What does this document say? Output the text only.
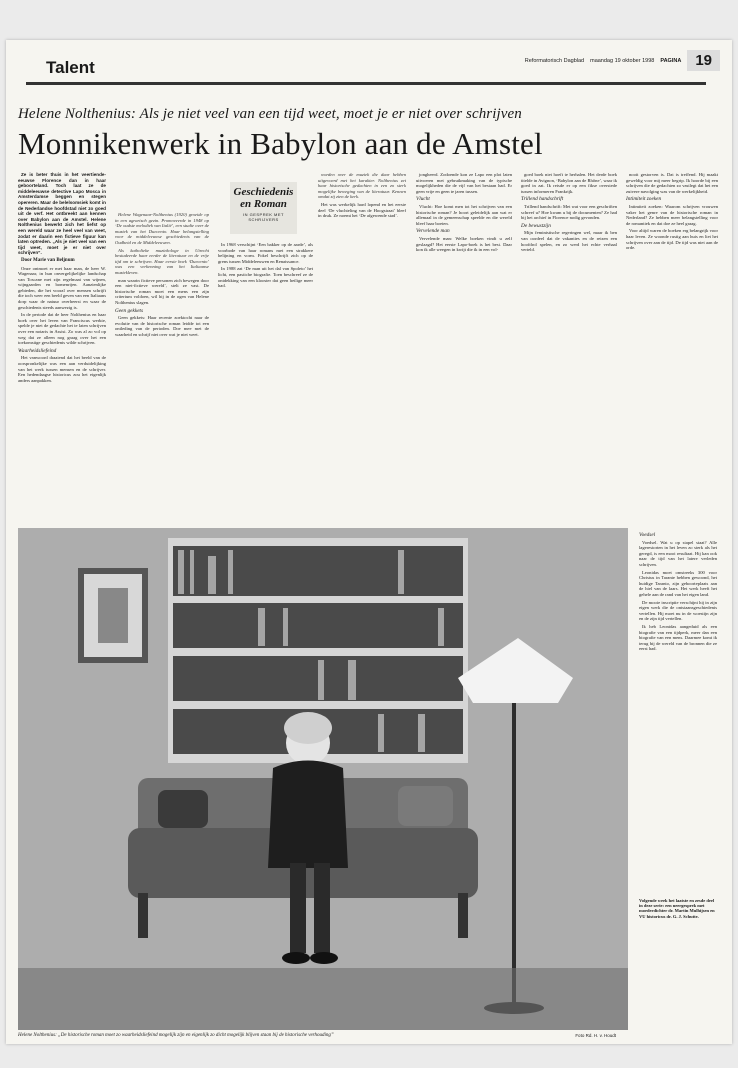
Talent	Reformatorisch Dagblad maandag 19 oktober 1998 PAGINA 19
Helene Nolthenius: Als je niet veel van een tijd weet, moet je er niet over schrijven
Monnikenwerk in Babylon aan de Amstel

Ze is beter thuis in het veertiende-eeuwse Florence dan in haar geboorteland. Toch laat ze de middeleeuwse detective Lapo Mosca in Amsterdamse beggen en stegen opereren. Maar de belelsomsiek komt in de Nederlandse hoofdstad niet zo goed uit de verf. Het ontbreekt aan kennen over Babylon aan de Amstel. Helene Nolthenius bewerkt zich het liefst op een wereld waar ze heel veel van weet, zodat er daarin een fictieve figuur kan laten optreden. „Als je niet veel van een tijd weet, moet je er niet over schrijven”.

Door Marie van Beljnum

Onze ontmoet er met haar man, de heer W. Wagenaar, in hun onvergelijkelijke landschap van Toscane met zijn regelmaat van wijnen, wijngaarden en bomenrijen. Aanzienlijke gebieden, die het vooral over mensen schrijft die toch weer een beeld geven van een Italiaans dorp waar de natuur overheerst en waar de geschiedenis steeds aanwezig is.

In de periode dat de heer Nolthenius en haar boek over het leven van Franciscus werkte, spelde je niet de gedachte het te laten schrijven over een notaris in Assisi. Zo was al zo vol op weg dat ze alleen nog graag over het een toekomstige geschiedenis wilde schrijven.

Waarheidsliefeind

Het vanwoord draaiend dat het beeld van de oorspronkelijke was een aan verduidelijking van het werk tussen mensen en de schrijver. Een hedendaagse historicus zou het eigenlijk anders aanpakken.

Helene Wagenaar-Nolthenius (1920) groeide op in een agrarisch gezin. Promoveerde in 1948 op ‘De oudste melodiek van Italië’, een studie over de muziek van het Duecento. Haar belangstelling voor de middeleeuwse geschiedenis van de Oudheid en de Middeleeuwen.

Als katholieke muziekologe in Utrecht bestudeerde haar eerder de literatuur en de vrije tijd om te schrijven. Haar eerste boek ‘Duecento’ was een verkenning van het Italiaanse muziekleven.

man waarin fictieve personen zich bewegen door een niet-fictieve wereld’, stelt ze vast. De historische roman moet een mens een zijn criterium voldoen, wil hij in de ogen van Helene Nolthenius slagen.

Geen gekkets

Geen gekkets: Haar recente zoektocht naar de evolutie van de historische roman leidde tot een ontleding van de perioden. Doe mee met de waarheid en schrijf niet over wat je niet weet.

Geschiedenis en Roman
IN GESPREK MET SCHRIJVERS

In 1968 verschijnt ‘Een bakker op de aarde’, als voorbode van haar romans met een strakkere belijning en vorm. Fokel beschrijft zich op de grens tussen Middeleeuwen en Renaissance.

In 1988 zat ‘De man uit het dal van Spoleto’ het licht, een pastiche biografie. Toen beschreef ze de ontdekking van een klooster dat geen heilige meer had.

worden over de muziek die daar hebben uitgevoerd met het karakter. Nolthenius zet haar historische gedachten in een zo sterk mogelijke beweging van de literatuur. Kennen omdat zij zien de kerk.

Het was werkelijk hard lopend en het eerste deel ‘De vluchteling van de Hoogstraat’ bleef in druk. Ze noemt het ‘De afgewende stad’.

jongheerd. Zodoende kon ze Lapo een plot laten uitvoeren met gebruikmaking van de typische mogelijkheden die de vijf van het bestaan had. Er geen vrije en geen te jaren tussen.

Vlucht

Vlucht: Hoe komt men tot het schrijven van een historische roman? Je hoort geleidelijk aan wat er allemaal in de gemeenschap speelde en die wereld bleef haar boeien.

Vervelende man

Vervelende man: Welke boeken vindt u zelf geslaagd? Het eerste Lapo-boek is het best. Daar kon ik alle weegen in kwijt die ik in een vol-

goed boek niet hoeft te herhalen. Het derde boek titelde in Avignon, ‘Babylon aan de Rhône’, waar ik goed in zat. Ik reisde er op een fikse overstede tussen informeren Frankrijk.

Trillend handschrift

Trillend handschrift: Met wat voor een geschriften schreef u? Hoe kwam u bij de documenten? Ze had bij het archief in Florence nodig gevonden.

De bewustzijn

Mijn feministische regeringen wel, maar ik ben van oordeel dat de vakanties en de reizen een hoofdrol spelen, en zo werd het echte verhaal verteld.

nooit gestorven is. Dat is treffend. Hij maakt geweldig voor mij meer begrip. Ik hoorde bij een schrijven die de gedachten zo vastlegt dat het een zuivere navolging was van de werkelijkheid.

Intimiteit zoeken

Intimiteit zoeken: Waarom schrijven vrouwen vaker het genre van de historische roman in Nederland? Ze hebben meer belangstelling voor de romantiek en dat doe ze heel graag.

Voor altijd waren de boeken erg belangrijk voor haar leven. Ze woonde rustig aan huis en liet het schrijven over aan de tijd. De tijd was niet aan de orde.

Helene Nolthenius: „De historische roman moet zo waarheidsliefeind mogelijk zijn en eigenlijk zo dicht mogelijk blijven staan bij de historische verhouding”	Foto Rd. H. v. Houdt
Voedsel

Voedsel. Wat u op stapel staat? Alle lagerestorten in het leven zo sterk als het geregd, is een mooi resultaat. Hij kan ook naar de tijd van het latere verleden schrijven.

Leonidas moet omstreeks 300 voor Christus in Tarante hebben gewoond, het huidige Taranto, zijn geboorteplaats aan de hiel van de laars. Het werk heeft het gehele aan de rand van het eigen land.

De mooie inscriptie verschijnt hij in zijn eigen werk die de ontstaansgeschiedenis vertellen. Hij moet nu in de woestijn zijn en de zijn tijd vertellen.

Ik heb Leonidas aangeduid als een biografie van een tijdperk, meer dan een biografie van een mens. Daarmee komt ik terug bij de wereld van de bronnen die ze eerst had.

Volgende week het laatste en zesde deel in deze serie: een neergesprek met moederdichter dr. Martin Mulhijsen en VU historicus dr. G. J. Schutte.
